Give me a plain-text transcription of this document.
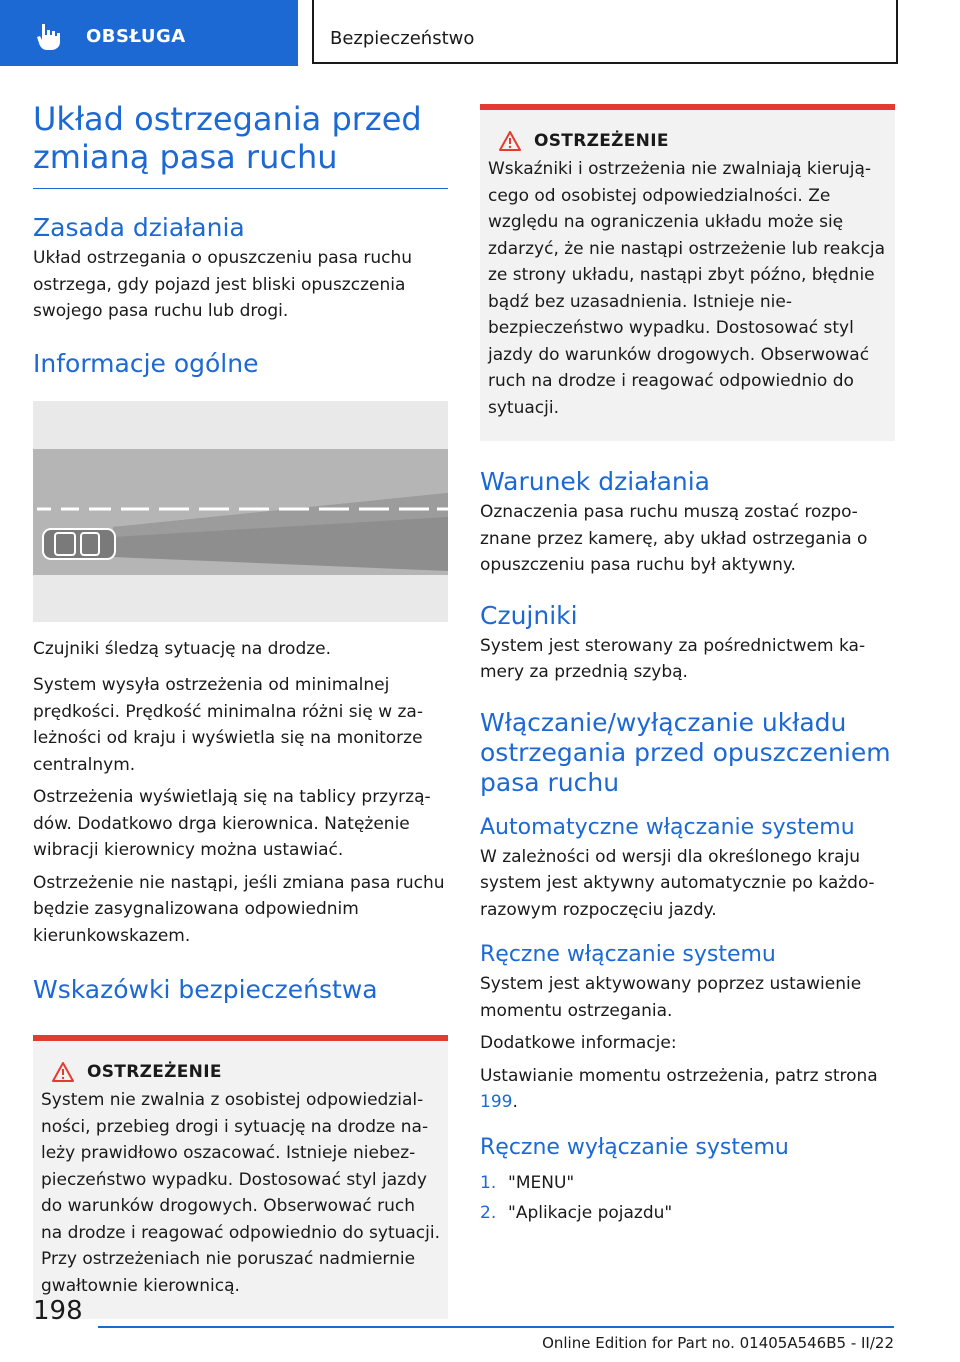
OBSŁUGA	Bezpieczeństwo
Układ ostrzegania przed zmianą pasa ruchu
Zasada działania

Układ ostrzegania o opuszczeniu pasa ruchu ostrzega, gdy pojazd jest bliski opuszczenia swojego pasa ruchu lub drogi.

Informacje ogólne

Czujniki śledzą sytuację na drodze.

System wysyła ostrzeżenia od minimalnej prędkości. Prędkość minimalna różni się w zależności od kraju i wyświetla się na monitorze centralnym.

Ostrzeżenia wyświetlają się na tablicy przyrządów. Dodatkowo drga kierownica. Natężenie wibracji kierownicy można ustawiać.

Ostrzeżenie nie nastąpi, jeśli zmiana pasa ruchu będzie zasygnalizowana odpowiednim kierunkowskazem.

Wskazówki bezpieczeństwa
OSTRZEŻENIE

System nie zwalnia z osobistej odpowiedzialności, przebieg drogi i sytuację na drodze należy prawidłowo oszacować. Istnieje niebezpieczeństwo wypadku. Dostosować styl jazdy do warunków drogowych. Obserwować ruch na drodze i reagować odpowiednio do sytuacji. Przy ostrzeżeniach nie poruszać nadmiernie gwałtownie kierownicą.

OSTRZEŻENIE

Wskaźniki i ostrzeżenia nie zwalniają kierującego od osobistej odpowiedzialności. Ze względu na ograniczenia układu może się zdarzyć, że nie nastąpi ostrzeżenie lub reakcja ze strony układu, nastąpi zbyt późno, błędnie bądź bez uzasadnienia. Istnieje niebezpieczeństwo wypadku. Dostosować styl jazdy do warunków drogowych. Obserwować ruch na drodze i reagować odpowiednio do sytuacji.

Warunek działania

Oznaczenia pasa ruchu muszą zostać rozpoznane przez kamerę, aby układ ostrzegania o opuszczeniu pasa ruchu był aktywny.

Czujniki

System jest sterowany za pośrednictwem kamery za przednią szybą.

Włączanie/wyłączanie układu ostrzegania przed opuszczeniem pasa ruchu
Automatyczne włączanie systemu

W zależności od wersji dla określonego kraju system jest aktywny automatycznie po każdorazowym rozpoczęciu jazdy.

Ręczne włączanie systemu

System jest aktywowany poprzez ustawienie momentu ostrzegania.

Dodatkowe informacje:

Ustawianie momentu ostrzeżenia, patrz strona 199.

Ręczne wyłączanie systemu
1. "MENU"
2. "Aplikacje pojazdu"
198
Online Edition for Part no. 01405A546B5 - II/22
